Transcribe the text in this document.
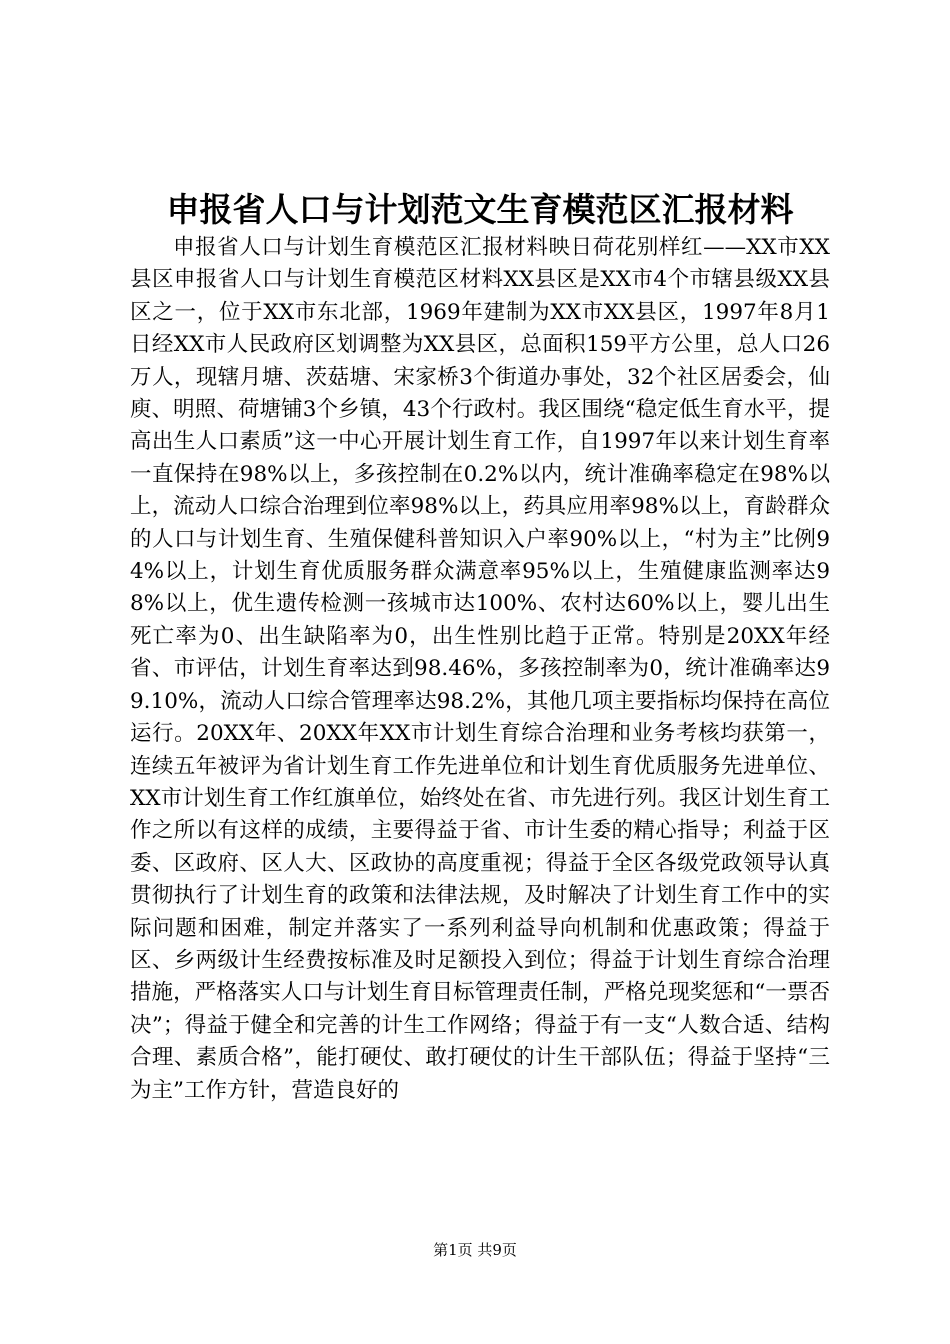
申报省人口与计划范文生育模范区汇报材料

申报省人口与计划生育模范区汇报材料映日荷花别样红——XX市XX县区申报省人口与计划生育模范区材料XX县区是XX市4个市辖县级XX县区之一，位于XX市东北部，1969年建制为XX市XX县区，1997年8月1日经XX市人民政府区划调整为XX县区，总面积159平方公里，总人口26万人，现辖月塘、茨菇塘、宋家桥3个街道办事处，32个社区居委会，仙庾、明照、荷塘铺3个乡镇，43个行政村。我区围绕“稳定低生育水平，提高出生人口素质”这一中心开展计划生育工作，自1997年以来计划生育率一直保持在98%以上，多孩控制在0.2%以内，统计准确率稳定在98%以上，流动人口综合治理到位率98%以上，药具应用率98%以上，育龄群众的人口与计划生育、生殖保健科普知识入户率90%以上，“村为主”比例94%以上，计划生育优质服务群众满意率95%以上，生殖健康监测率达98%以上，优生遗传检测一孩城市达100%、农村达60%以上，婴儿出生死亡率为0、出生缺陷率为0，出生性别比趋于正常。特别是20XX年经省、市评估，计划生育率达到98.46%，多孩控制率为0，统计准确率达99.10%，流动人口综合管理率达98.2%，其他几项主要指标均保持在高位运行。20XX年、20XX年XX市计划生育综合治理和业务考核均获第一，连续五年被评为省计划生育工作先进单位和计划生育优质服务先进单位、XX市计划生育工作红旗单位，始终处在省、市先进行列。我区计划生育工作之所以有这样的成绩，主要得益于省、市计生委的精心指导；利益于区委、区政府、区人大、区政协的高度重视；得益于全区各级党政领导认真贯彻执行了计划生育的政策和法律法规，及时解决了计划生育工作中的实际问题和困难，制定并落实了一系列利益导向机制和优惠政策；得益于区、乡两级计生经费按标准及时足额投入到位；得益于计划生育综合治理措施，严格落实人口与计划生育目标管理责任制，严格兑现奖惩和“一票否决”；得益于健全和完善的计生工作网络；得益于有一支“人数合适、结构合理、素质合格”，能打硬仗、敢打硬仗的计生干部队伍；得益于坚持“三为主”工作方针，营造良好的

第1页 共9页
